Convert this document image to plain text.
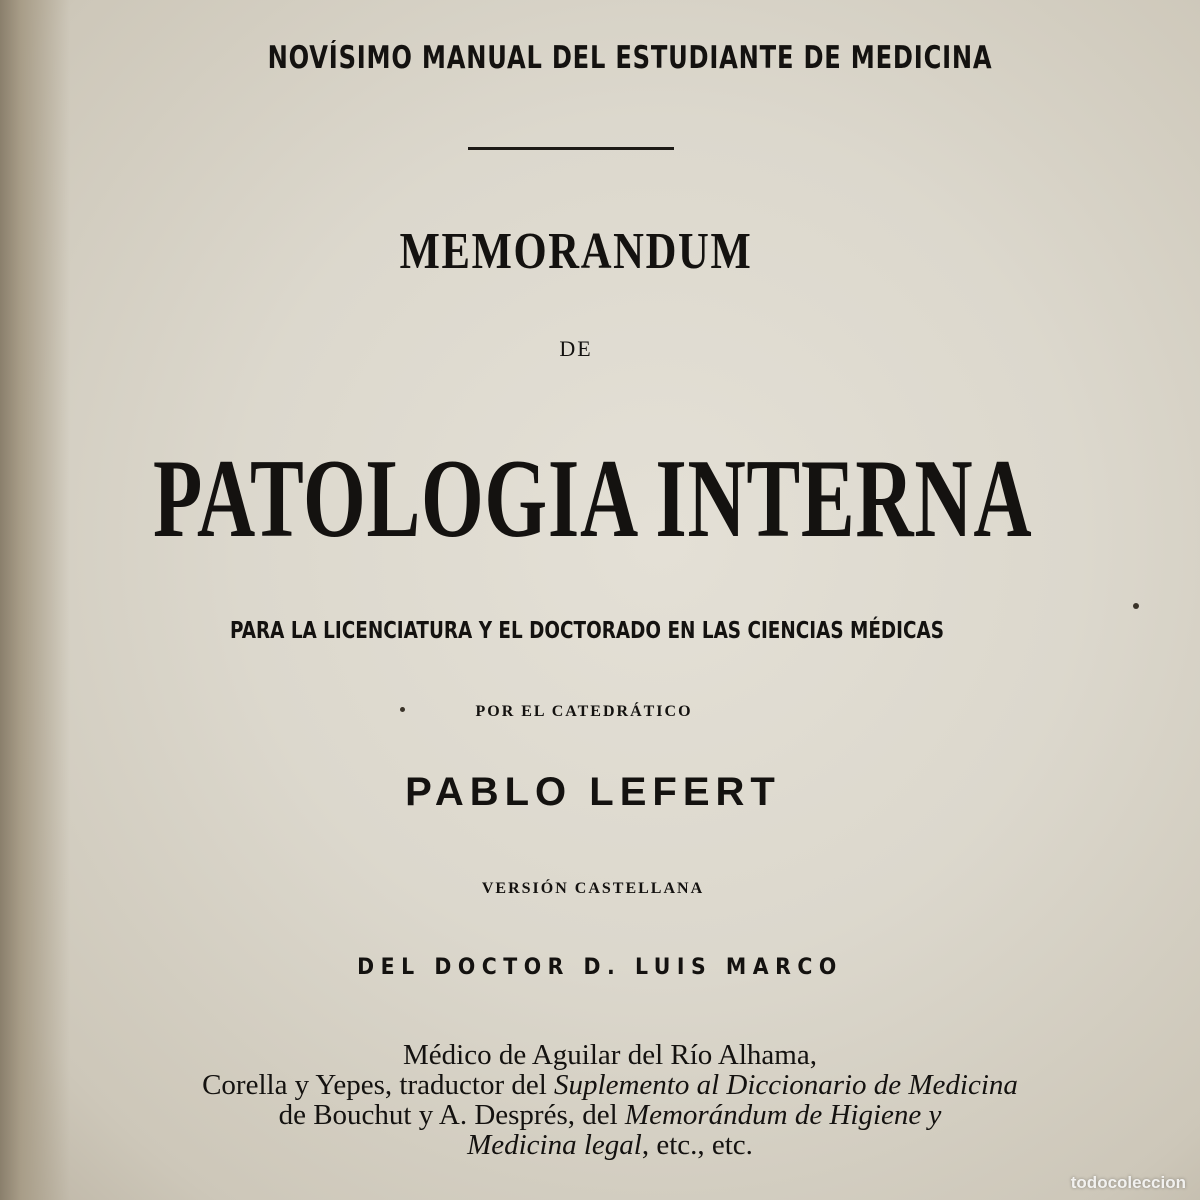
NOVÍSIMO MANUAL DEL ESTUDIANTE DE MEDICINA
MEMORANDUM
DE
PATOLOGIA INTERNA
PARA LA LICENCIATURA Y EL DOCTORADO EN LAS CIENCIAS MÉDICAS
POR EL CATEDRÁTICO
PABLO LEFERT
VERSIÓN CASTELLANA
DEL DOCTOR D. LUIS MARCO
Médico de Aguilar del Río Alhama,
Corella y Yepes, traductor del Suplemento al Diccionario de Medicina
de Bouchut y A. Després, del Memorándum de Higiene y
Medicina legal, etc., etc.
todocoleccion
